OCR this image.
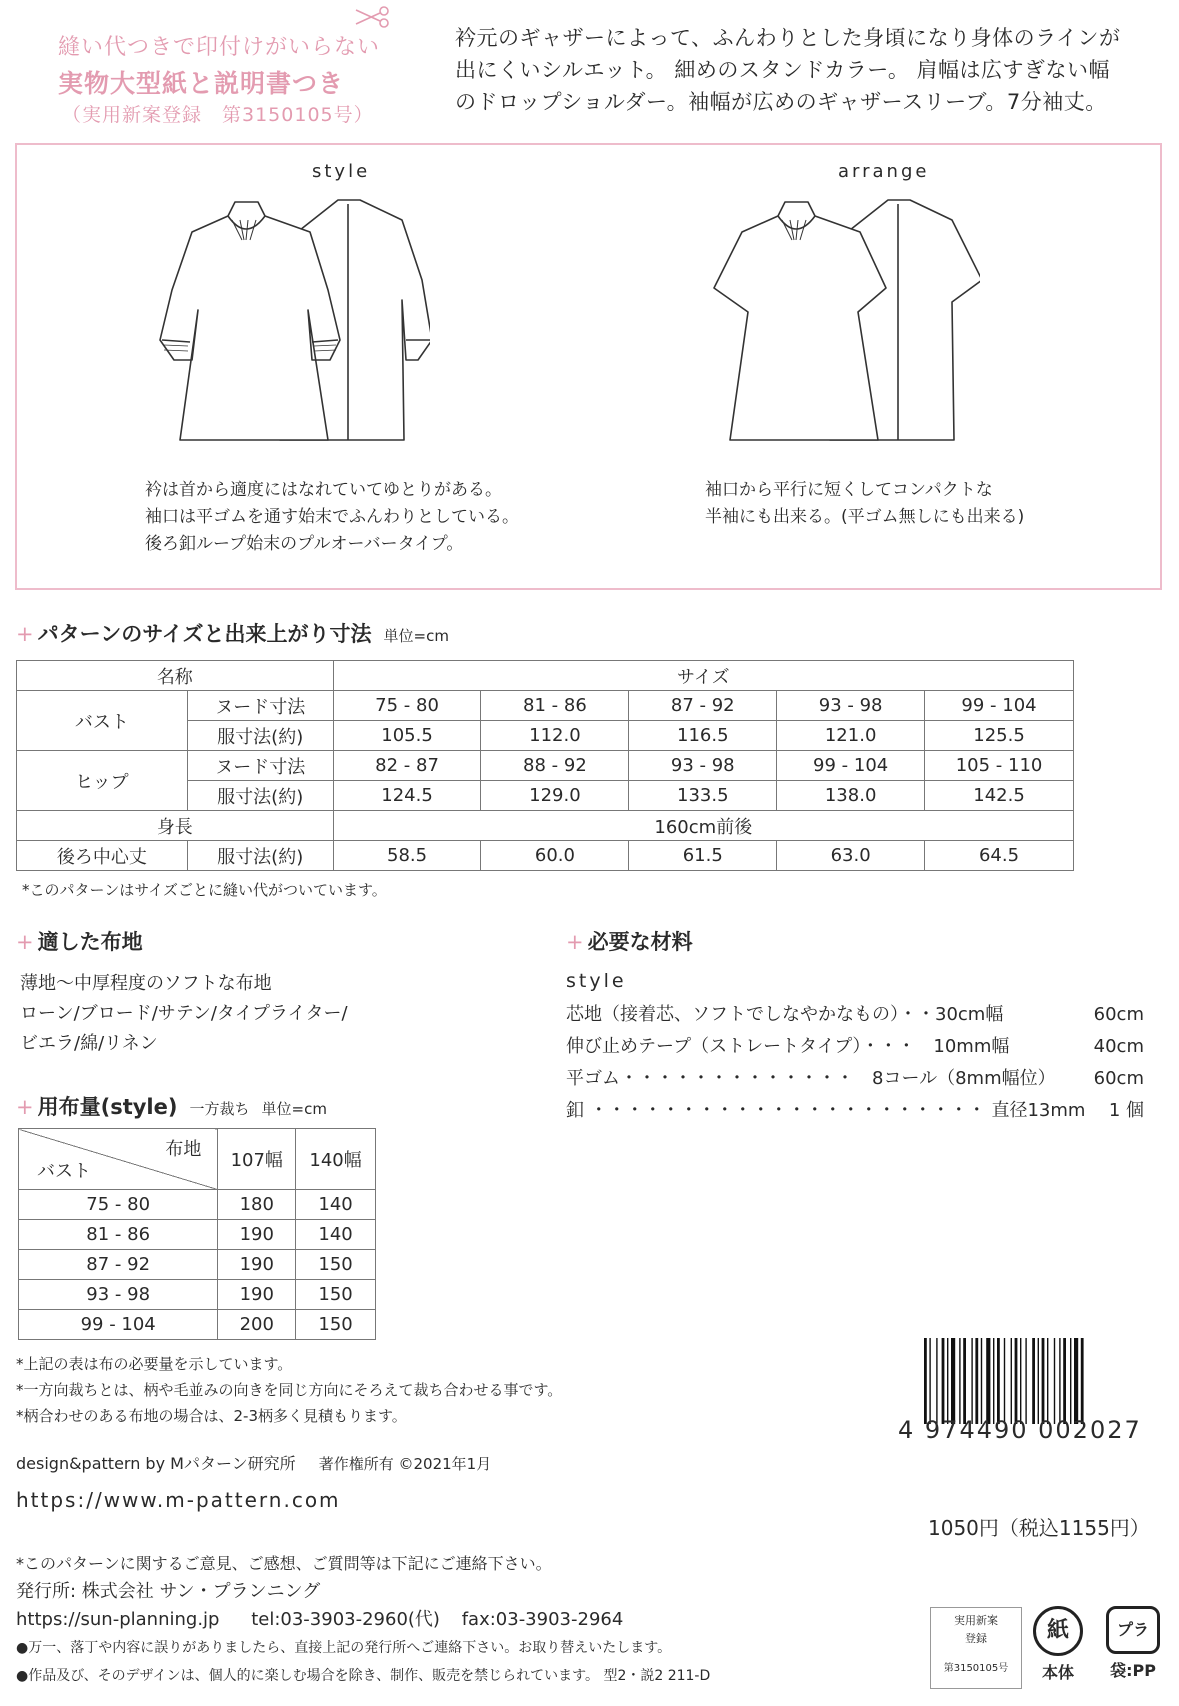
縫い代つきで印付けがいらない
実物大型紙と説明書つき
（実用新案登録　第3150105号）
衿元のギャザーによって、ふんわりとした身頃になり身体のラインが
出にくいシルエット。 細めのスタンドカラー。 肩幅は広すぎない幅
のドロップショルダー。袖幅が広めのギャザースリーブ。7分袖丈。
style	arrange
衿は首から適度にはなれていてゆとりがある。
袖口は平ゴムを通す始末でふんわりとしている。
後ろ釦ループ始末のプルオーバータイプ。
袖口から平行に短くしてコンパクトな
半袖にも出来る。(平ゴム無しにも出来る)
+ パターンのサイズと出来上がり寸法 単位=cm
名称		サイズ				
バスト	ヌード寸法	75 - 80	81 - 86	87 - 92	93 - 98	99 - 104
	服寸法(約)	105.5	112.0	116.5	121.0	125.5
ヒップ	ヌード寸法	82 - 87	88 - 92	93 - 98	99 - 104	105 - 110
	服寸法(約)	124.5	129.0	133.5	138.0	142.5
身長		160cm前後				
後ろ中心丈	服寸法(約)	58.5	60.0	61.5	63.0	64.5
*このパターンはサイズごとに縫い代がついています。
+ 適した布地
薄地〜中厚程度のソフトな布地
ローン/ブロード/サテン/タイプライター/
ビエラ/綿/リネン
+ 用布量(style) 一方裁ち 単位=cm
布地
バスト	107幅	140幅
75 - 80	180	140
81 - 86	190	140
87 - 92	190	150
93 - 98	190	150
99 - 104	200	150
*上記の表は布の必要量を示しています。
*一方向裁ちとは、柄や毛並みの向きを同じ方向にそろえて裁ち合わせる事です。
*柄合わせのある布地の場合は、2-3柄多く見積もります。
+ 必要な材料
style
芯地（接着芯、ソフトでしなやかなもの）・・30cm幅	60cm
伸び止めテープ（ストレートタイプ）・・・　10mm幅	40cm
平ゴム・・・・・・・・・・・・・　8コール（8mm幅位） 60cm
釦 ・・・・・・・・・・・・・・・・・・・・・・ 直径13mm 1 個
4 974490 002027
design&pattern by Mパターン研究所 著作権所有 ©2021年1月
https://www.m-pattern.com
1050円（税込1155円）
*このパターンに関するご意見、ご感想、ご質問等は下記にご連絡下さい。
発行所: 株式会社 サン・プランニング
https://sun-planning.jp tel:03-3903-2960(代) fax:03-3903-2964
●万一、落丁や内容に誤りがありましたら、直接上記の発行所へご連絡下さい。お取り替えいたします。
●作品及び、そのデザインは、個人的に楽しむ場合を除き、制作、販売を禁じられています。 型2・説2 211-D
実用新案
登録
第3150105号
紙
本体
プラ
袋:PP
